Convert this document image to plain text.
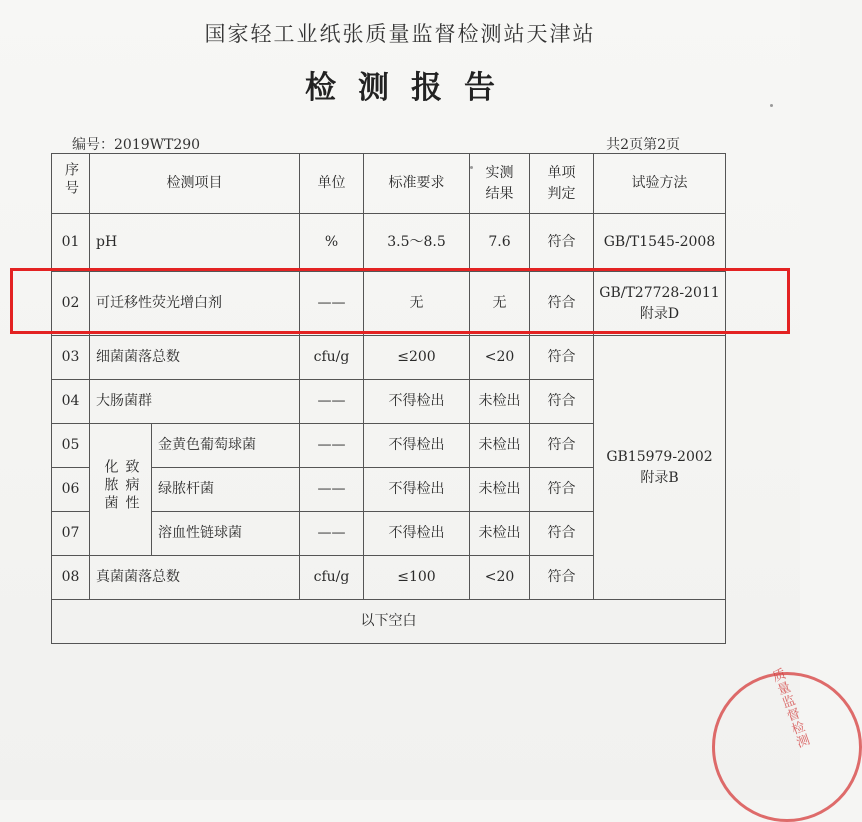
国家轻工业纸张质量监督检测站天津站
检测报告
编号：2019WT290	共2页第2页
序号	检测项目		单位	标准要求	实测结果	单项判定	试验方法
01	pH		%	3.5～8.5	7.6	符合	GB/T1545-2008
02	可迁移性荧光增白剂		——	无	无	符合	GB/T27728-2011
附录D

03	细菌菌落总数		cfu/g	≤200	<20	符合	GB15979-2002
附录B

04	大肠菌群		——	不得检出	未检出	符合	
05	化脓菌 致病性	金黄色葡萄球菌	——	不得检出	未检出	符合	
06		绿脓杆菌	——	不得检出	未检出	符合	
07		溶血性链球菌	——	不得检出	未检出	符合	
08	真菌菌落总数		cfu/g	≤100	<20	符合	
以下空白							
质量监督检测
